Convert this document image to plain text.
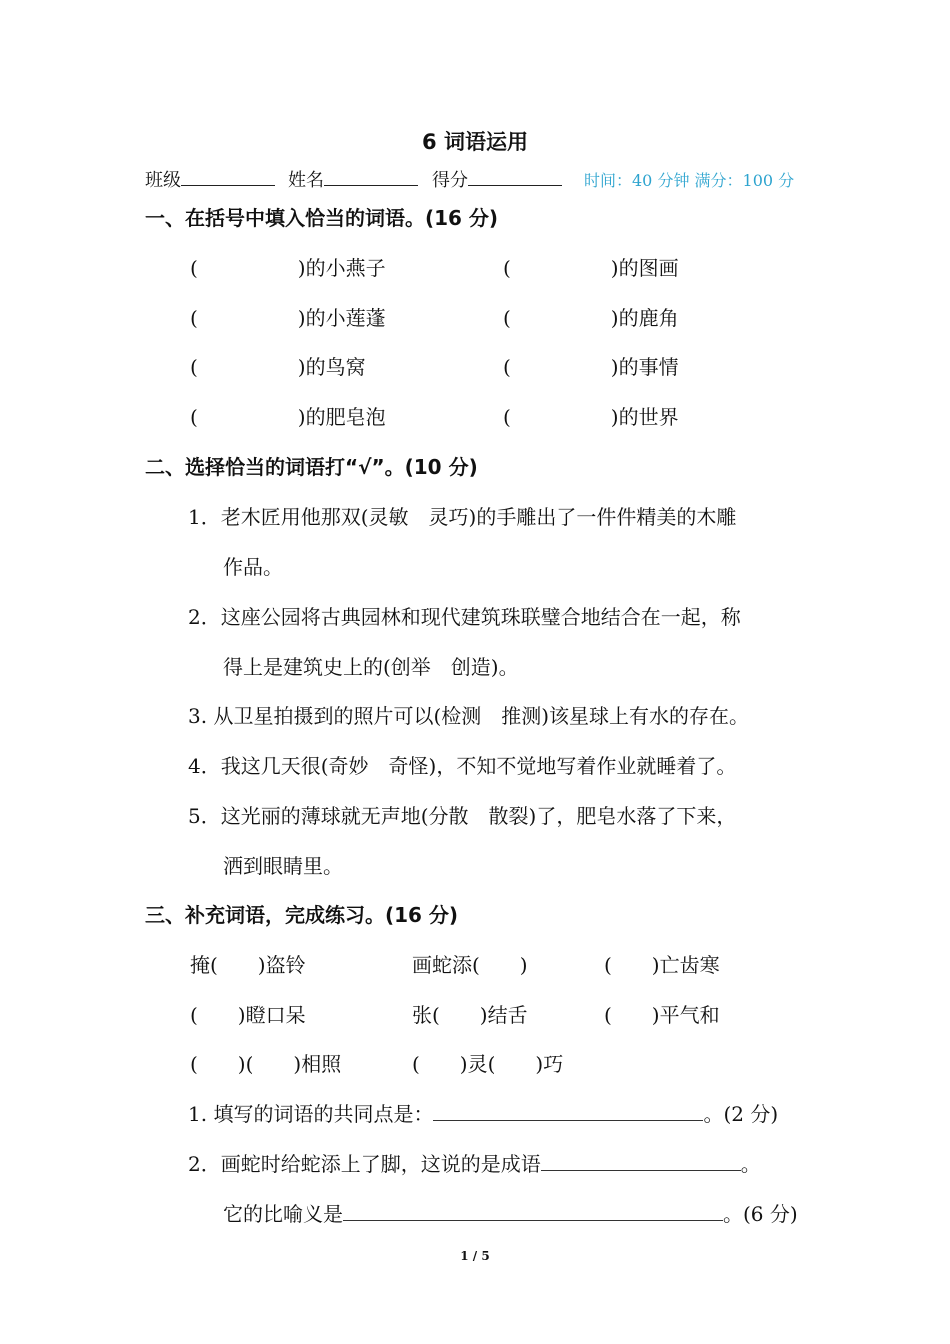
6 词语运用
班级	姓名	得分	时间：40 分钟 满分：100 分
一、在括号中填入恰当的词语。(16 分)
(　　　　　)的小燕子	(　　　　　)的图画
(　　　　　)的小莲蓬	(　　　　　)的鹿角
(　　　　　)的鸟窝	(　　　　　)的事情
(　　　　　)的肥皂泡	(　　　　　)的世界
二、选择恰当的词语打“√”。(10 分)
1．老木匠用他那双(灵敏　灵巧)的手雕出了一件件精美的木雕
作品。
2．这座公园将古典园林和现代建筑珠联璧合地结合在一起，称
得上是建筑史上的(创举　创造)。
3. 从卫星拍摄到的照片可以(检测　推测)该星球上有水的存在。
4．我这几天很(奇妙　奇怪)，不知不觉地写着作业就睡着了。
5．这光丽的薄球就无声地(分散　散裂)了，肥皂水落了下来，
洒到眼睛里。
三、补充词语，完成练习。(16 分)
掩(　　)盗铃	画蛇添(　　)	(　　)亡齿寒
(　　)瞪口呆	张(　　)结舌	(　　)平气和
(　　)(　　)相照	(　　)灵(　　)巧
1. 填写的词语的共同点是：	。(2 分)
2．画蛇时给蛇添上了脚，这说的是成语	。
它的比喻义是	。(6 分)
1 / 5
